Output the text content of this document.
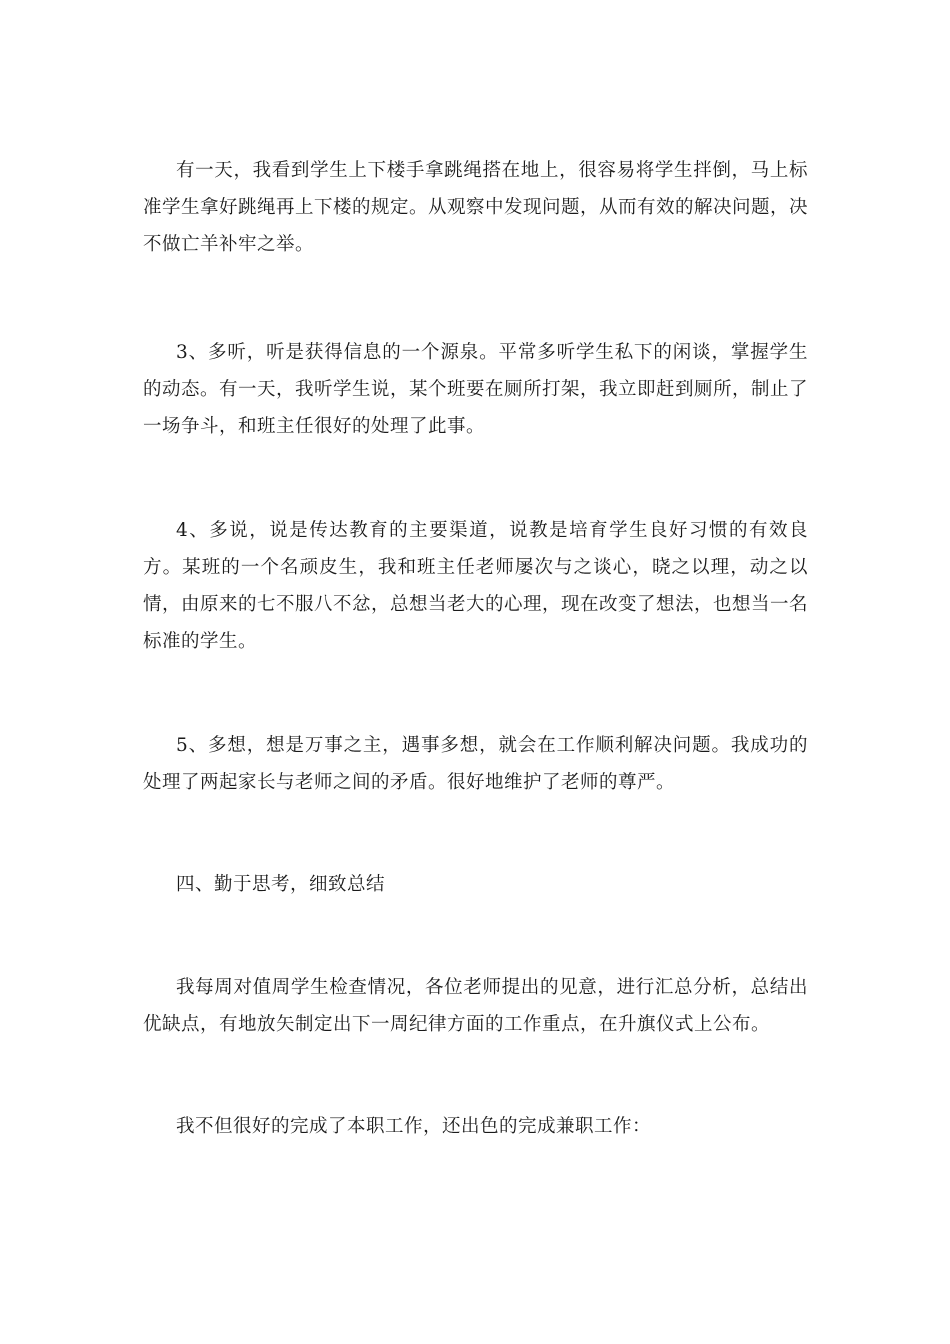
有一天，我看到学生上下楼手拿跳绳搭在地上，很容易将学生拌倒，马上标准学生拿好跳绳再上下楼的规定。从观察中发现问题，从而有效的解决问题，决不做亡羊补牢之举。

3、多听，听是获得信息的一个源泉。平常多听学生私下的闲谈，掌握学生的动态。有一天，我听学生说，某个班要在厕所打架，我立即赶到厕所，制止了一场争斗，和班主任很好的处理了此事。

4、多说，说是传达教育的主要渠道，说教是培育学生良好习惯的有效良方。某班的一个名顽皮生，我和班主任老师屡次与之谈心，晓之以理，动之以情，由原来的七不服八不忿，总想当老大的心理，现在改变了想法，也想当一名标准的学生。

5、多想，想是万事之主，遇事多想，就会在工作顺利解决问题。我成功的处理了两起家长与老师之间的矛盾。很好地维护了老师的尊严。

四、勤于思考，细致总结

我每周对值周学生检查情况，各位老师提出的见意，进行汇总分析，总结出优缺点，有地放矢制定出下一周纪律方面的工作重点，在升旗仪式上公布。

我不但很好的完成了本职工作，还出色的完成兼职工作：
